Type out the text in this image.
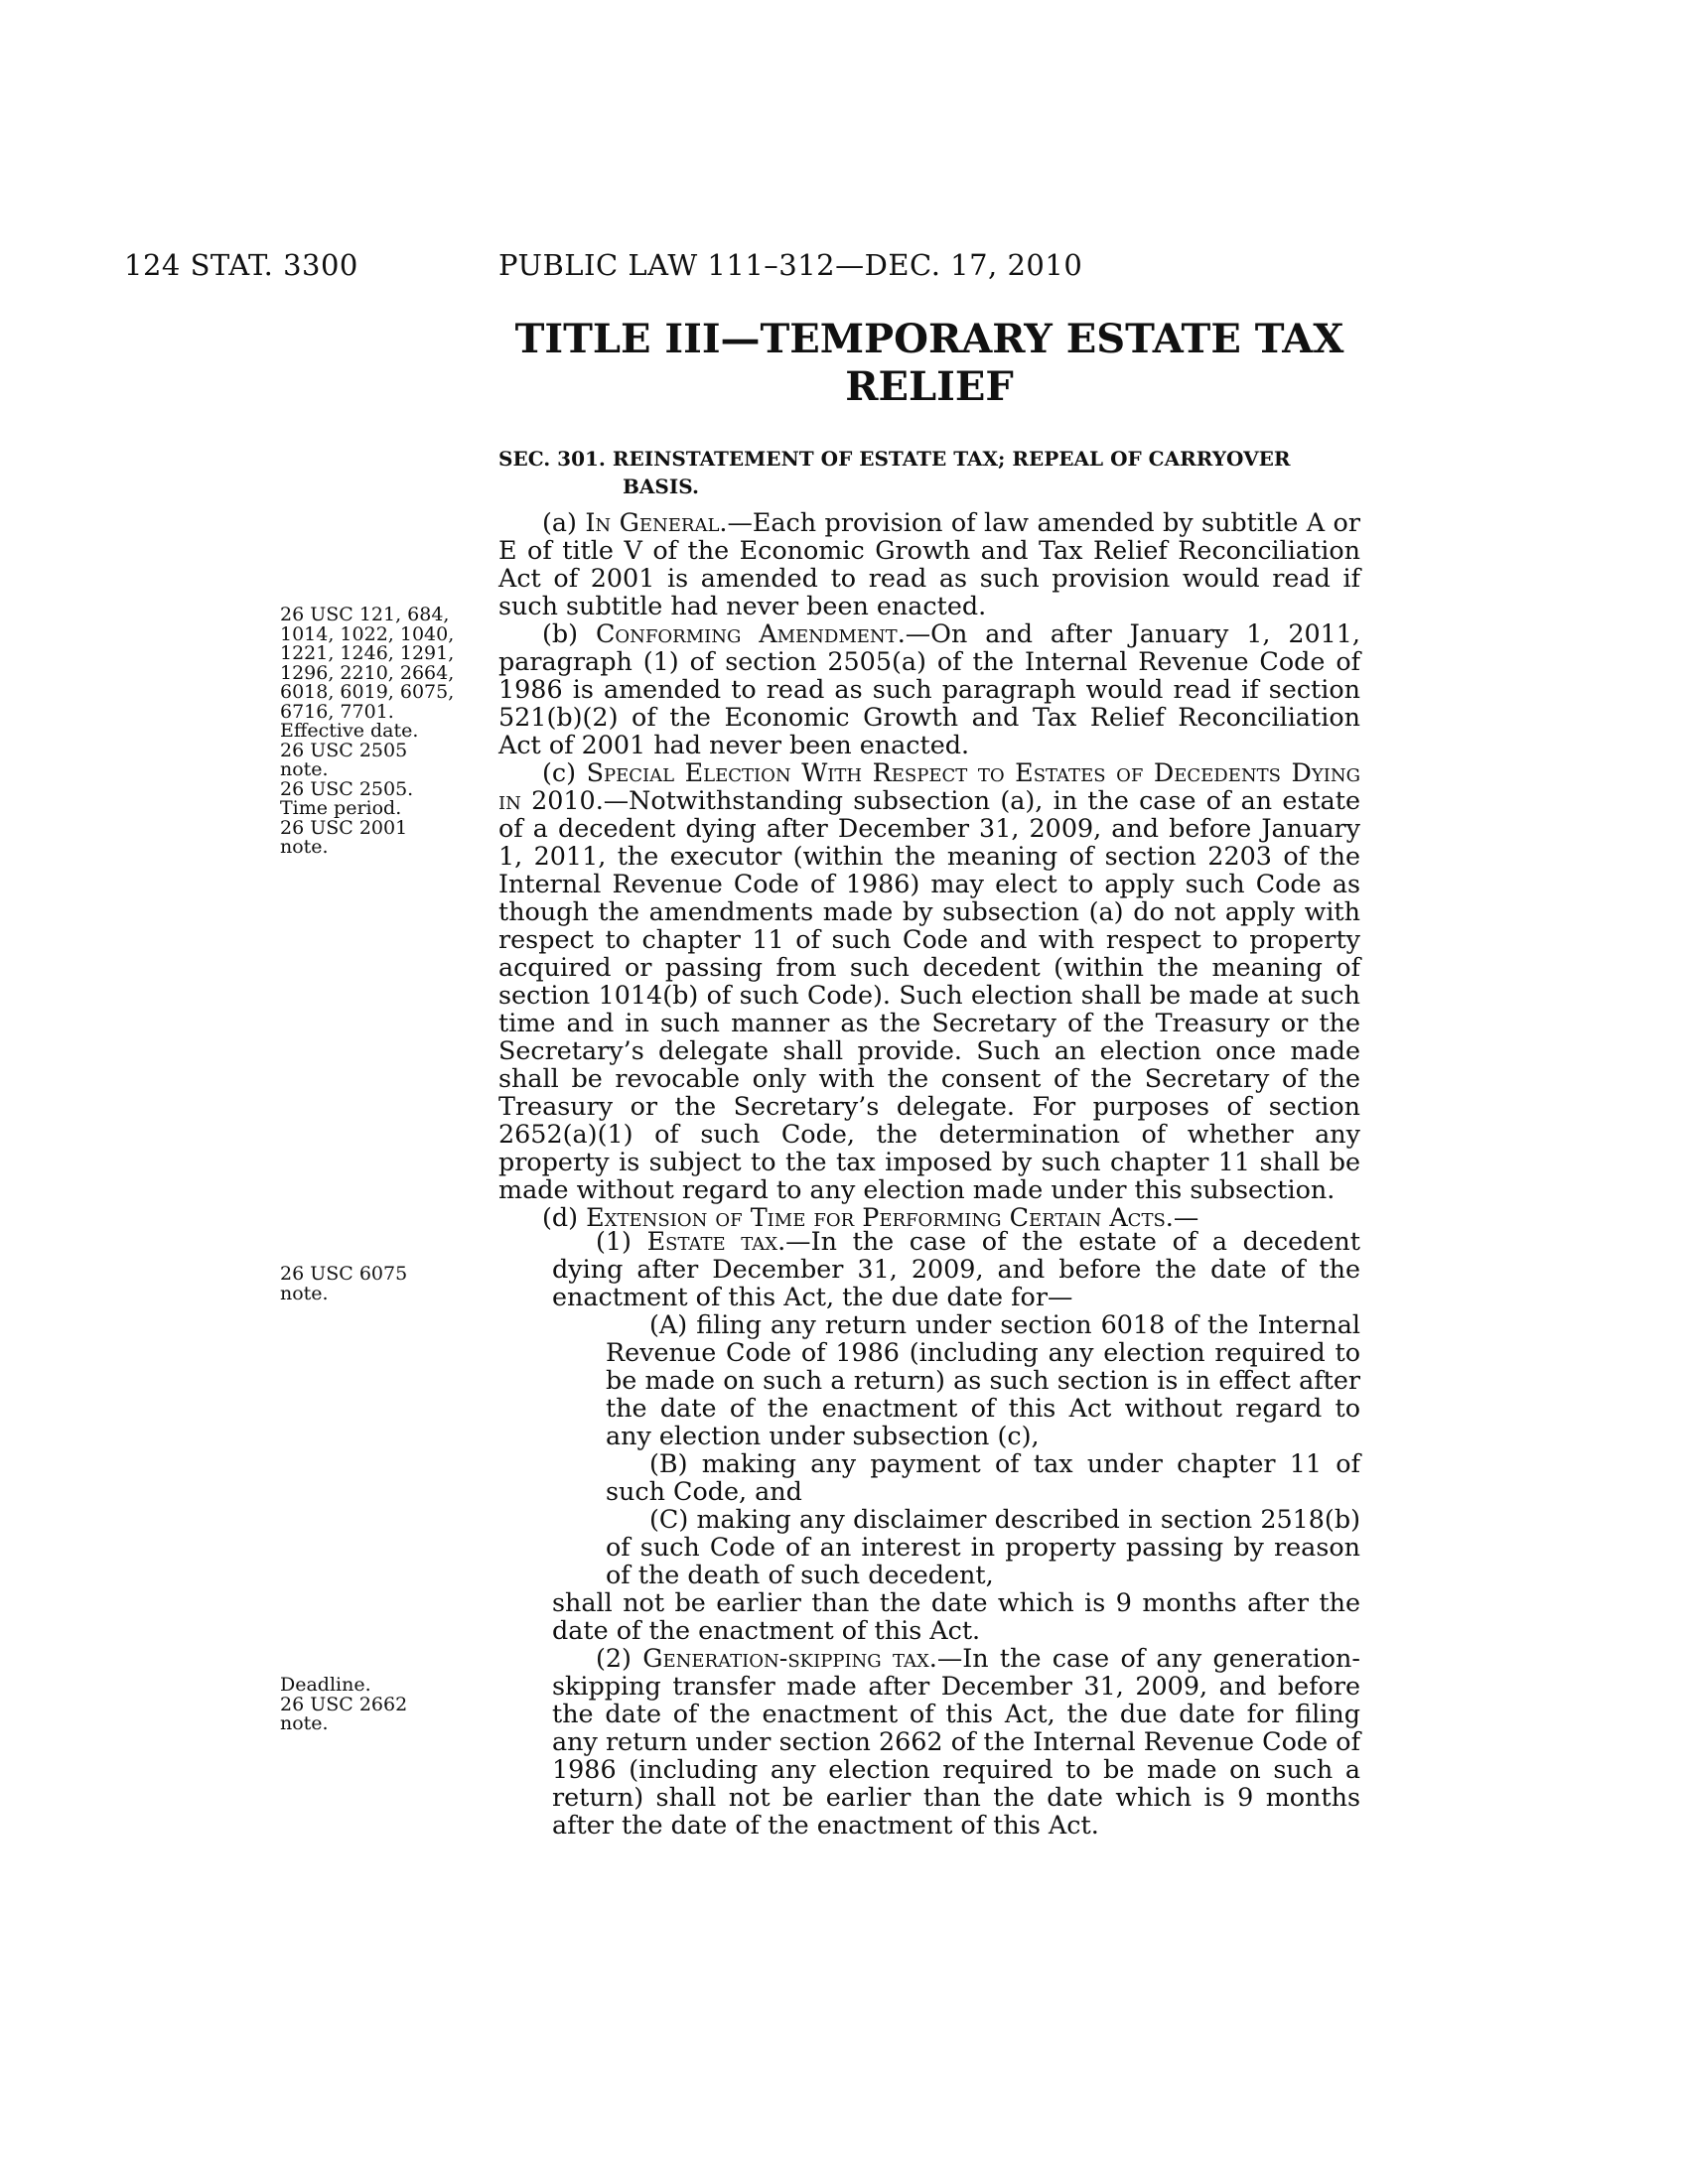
124 STAT. 3300	PUBLIC LAW 111–312—DEC. 17, 2010
TITLE III—TEMPORARY ESTATE TAX RELIEF
SEC. 301. REINSTATEMENT OF ESTATE TAX; REPEAL OF CARRYOVER BASIS.
26 USC 121, 684,
1014, 1022, 1040,
1221, 1246, 1291,
1296, 2210, 2664,
6018, 6019, 6075,
6716, 7701.
Effective date.
26 USC 2505
note.
26 USC 2505.
Time period.
26 USC 2001
note.
26 USC 6075
note.
Deadline.
26 USC 2662
note.

(a) In General.—Each provision of law amended by subtitle A or E of title V of the Economic Growth and Tax Relief Reconciliation Act of 2001 is amended to read as such provision would read if such subtitle had never been enacted.

(b) Conforming Amendment.—On and after January 1, 2011, paragraph (1) of section 2505(a) of the Internal Revenue Code of 1986 is amended to read as such paragraph would read if section 521(b)(2) of the Economic Growth and Tax Relief Reconciliation Act of 2001 had never been enacted.

(c) Special Election With Respect to Estates of Decedents Dying in 2010.—Notwithstanding subsection (a), in the case of an estate of a decedent dying after December 31, 2009, and before January 1, 2011, the executor (within the meaning of section 2203 of the Internal Revenue Code of 1986) may elect to apply such Code as though the amendments made by subsection (a) do not apply with respect to chapter 11 of such Code and with respect to property acquired or passing from such decedent (within the meaning of section 1014(b) of such Code). Such election shall be made at such time and in such manner as the Secretary of the Treasury or the Secretary’s delegate shall provide. Such an election once made shall be revocable only with the consent of the Secretary of the Treasury or the Secretary’s delegate. For purposes of section 2652(a)(1) of such Code, the determination of whether any property is subject to the tax imposed by such chapter 11 shall be made without regard to any election made under this subsection.

(d) Extension of Time for Performing Certain Acts.—

(1) Estate tax.—In the case of the estate of a decedent dying after December 31, 2009, and before the date of the enactment of this Act, the due date for—

(A) filing any return under section 6018 of the Internal Revenue Code of 1986 (including any election required to be made on such a return) as such section is in effect after the date of the enactment of this Act without regard to any election under subsection (c),

(B) making any payment of tax under chapter 11 of such Code, and

(C) making any disclaimer described in section 2518(b) of such Code of an interest in property passing by reason of the death of such decedent,

shall not be earlier than the date which is 9 months after the date of the enactment of this Act.

(2) Generation-skipping tax.—In the case of any generation-skipping transfer made after December 31, 2009, and before the date of the enactment of this Act, the due date for filing any return under section 2662 of the Internal Revenue Code of 1986 (including any election required to be made on such a return) shall not be earlier than the date which is 9 months after the date of the enactment of this Act.
